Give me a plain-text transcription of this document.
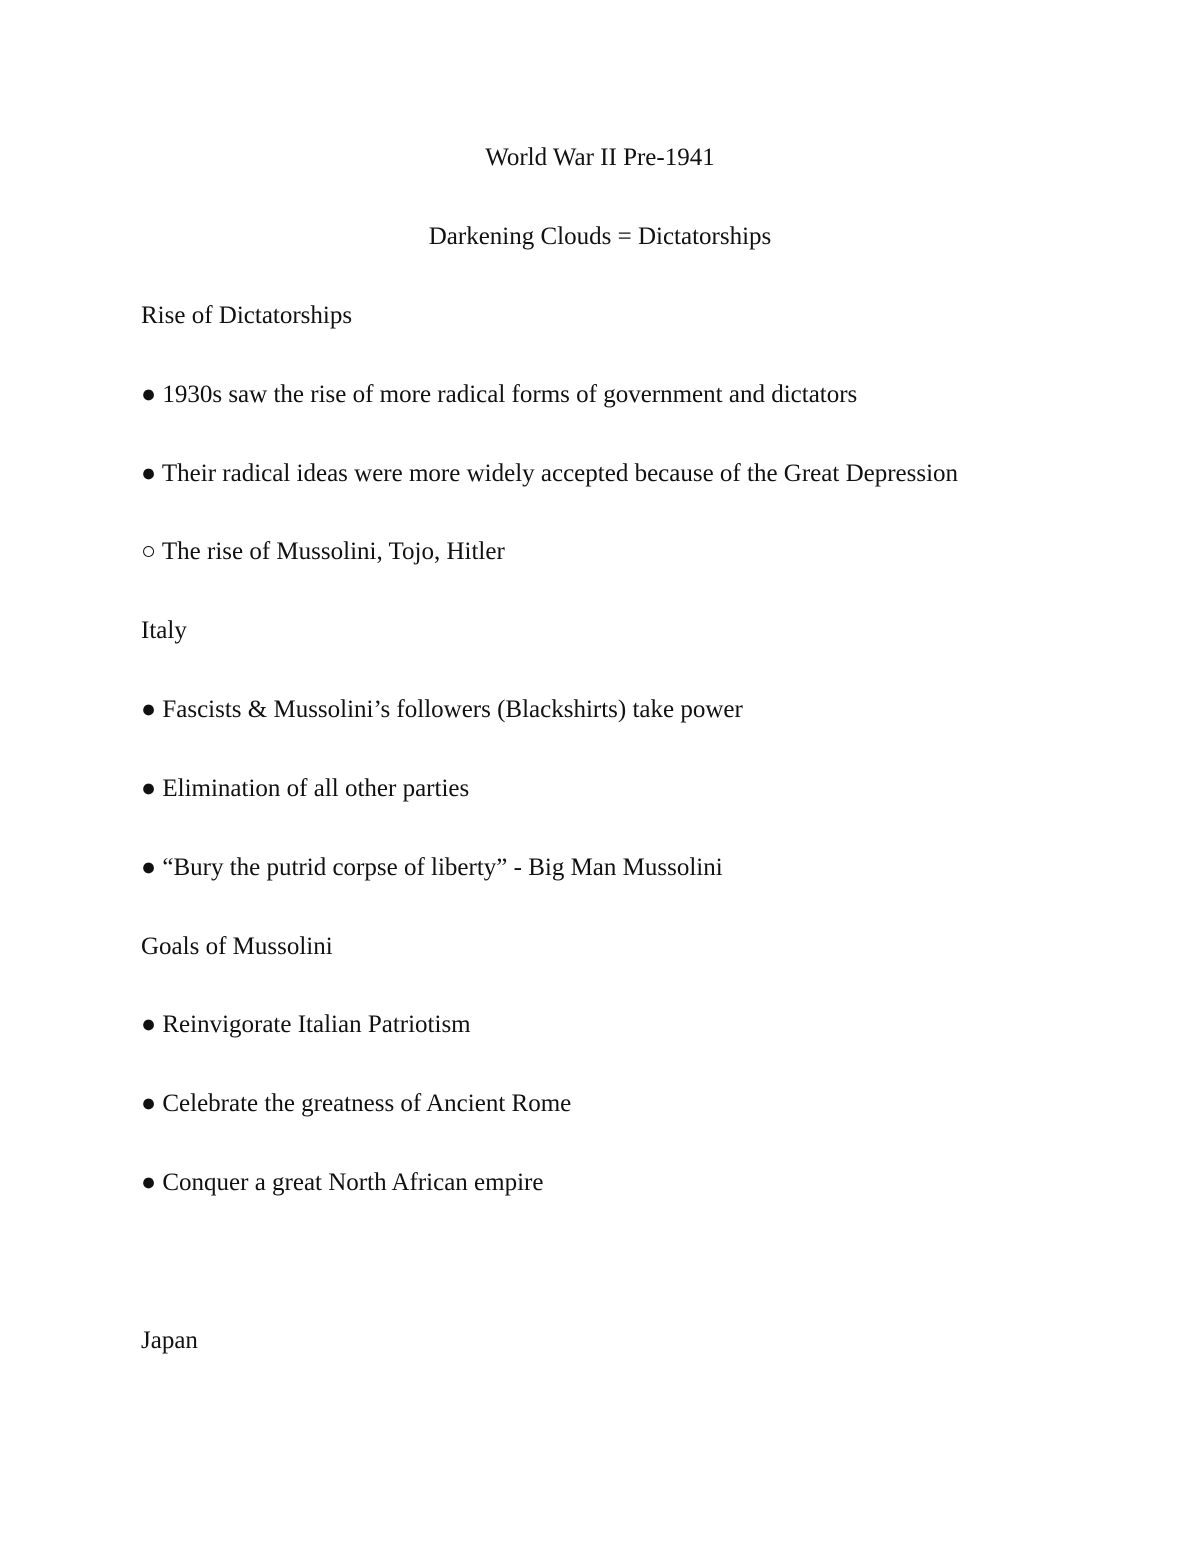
World War II Pre-1941
Darkening Clouds = Dictatorships
Rise of Dictatorships

● 1930s saw the rise of more radical forms of government and dictators

● Their radical ideas were more widely accepted because of the Great Depression

○ The rise of Mussolini, Tojo, Hitler

Italy

● Fascists & Mussolini’s followers (Blackshirts) take power

● Elimination of all other parties

● “Bury the putrid corpse of liberty” - Big Man Mussolini

Goals of Mussolini

● Reinvigorate Italian Patriotism

● Celebrate the greatness of Ancient Rome

● Conquer a great North African empire

Japan
